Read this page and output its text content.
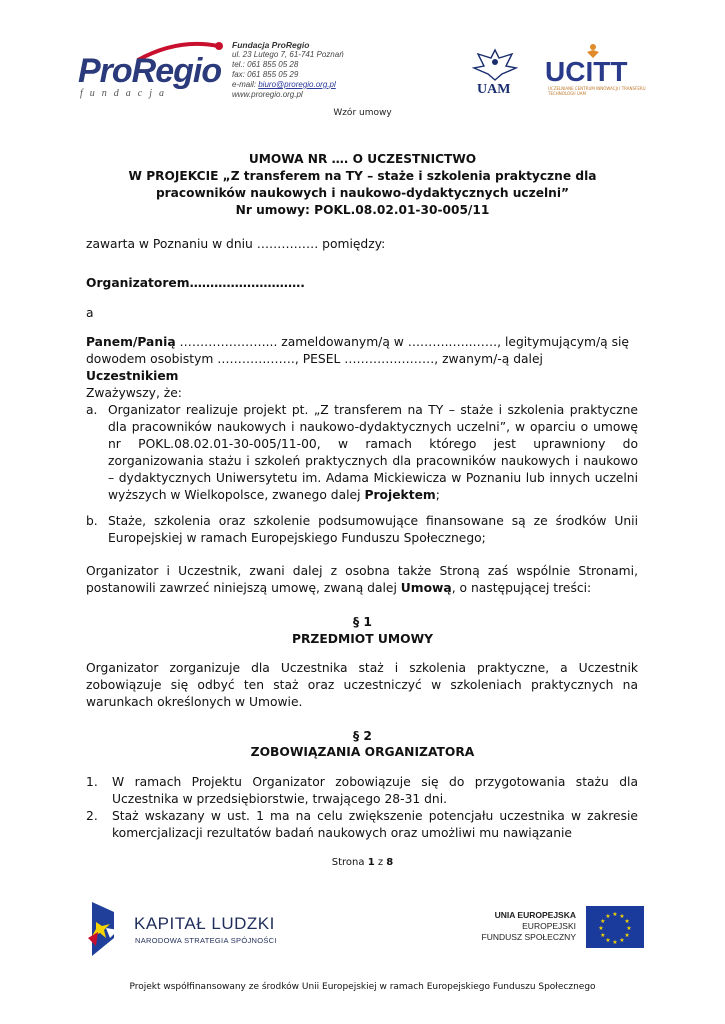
ProRegio
fundacja
Fundacja ProRegio
ul. 23 Lutego 7, 61-741 Poznań
tel.: 061 855 05 28
fax: 061 855 05 29
e-mail: biuro@proregio.org.pl
www.proregio.org.pl	UAM
UCITT
UCZELNIANE CENTRUM INNOWACJI I TRANSFERU TECHNOLOGII UAM
Wzór umowy
UMOWA NR …. O UCZESTNICTWO
W PROJEKCIE „Z transferem na TY – staże i szkolenia praktyczne dla
pracowników naukowych i naukowo-dydaktycznych uczelni”
Nr umowy: POKL.08.02.01-30-005/11
zawarta w Poznaniu w dniu …………… pomiędzy:
Organizatorem……………………….
a
Panem/Panią …………………... zameldowanym/ą w ………..…..……, legitymującym/ą się
dowodem osobistym ………….……, PESEL ………….………, zwanym/-ą dalej Uczestnikiem
Zważywszy, że:
a. Organizator realizuje projekt pt. „Z transferem na TY – staże i szkolenia praktyczne dla pracowników naukowych i naukowo-dydaktycznych uczelni”, w oparciu o umowę nr POKL.08.02.01-30-005/11-00, w ramach którego jest uprawniony do zorganizowania stażu i szkoleń praktycznych dla pracowników naukowych i naukowo – dydaktycznych Uniwersytetu im. Adama Mickiewicza w Poznaniu lub innych uczelni wyższych w Wielkopolsce, zwanego dalej Projektem;
b. Staże, szkolenia oraz szkolenie podsumowujące finansowane są ze środków Unii Europejskiej w ramach Europejskiego Funduszu Społecznego;
Organizator i Uczestnik, zwani dalej z osobna także Stroną zaś wspólnie Stronami, postanowili zawrzeć niniejszą umowę, zwaną dalej Umową, o następującej treści:
§ 1
PRZEDMIOT UMOWY
Organizator zorganizuje dla Uczestnika staż i szkolenia praktyczne, a Uczestnik zobowiązuje się odbyć ten staż oraz uczestniczyć w szkoleniach praktycznych na warunkach określonych w Umowie.
§ 2
ZOBOWIĄZANIA ORGANIZATORA
1. W ramach Projektu Organizator zobowiązuje się do przygotowania stażu dla Uczestnika w przedsiębiorstwie, trwającego 28-31 dni.
2. Staż wskazany w ust. 1 ma na celu zwiększenie potencjału uczestnika w zakresie komercjalizacji rezultatów badań naukowych oraz umożliwi mu nawiązanie
Strona 1 z 8
KAPITAŁ LUDZKI
NARODOWA STRATEGIA SPÓJNOŚCI
UNIA EUROPEJSKA
EUROPEJSKI
FUNDUSZ SPOŁECZNY
★
★
★
★
★
★
★
★
★ ★ ★
★
Projekt współfinansowany ze środków Unii Europejskiej w ramach Europejskiego Funduszu Społecznego
